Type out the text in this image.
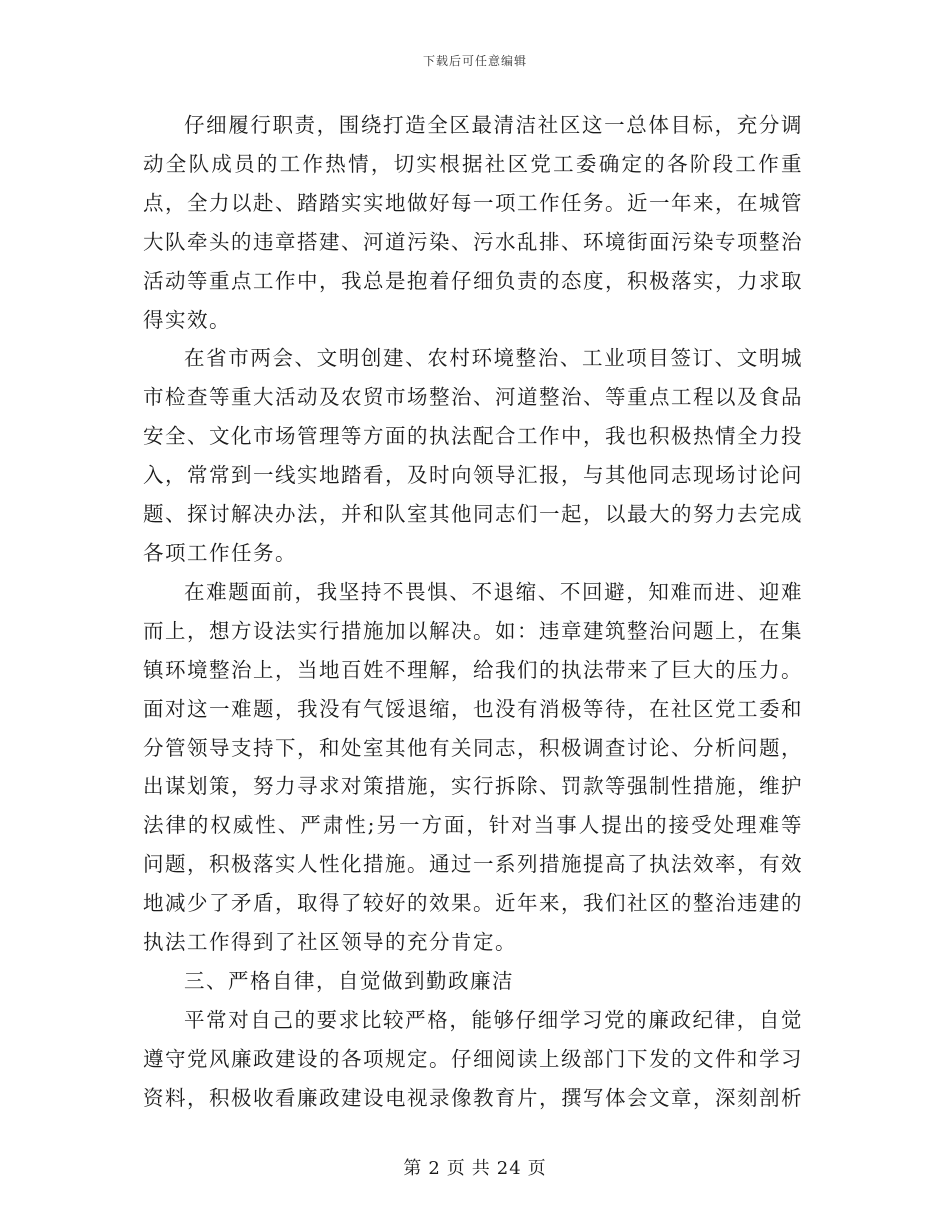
下载后可任意编辑

仔细履行职责，围绕打造全区最清洁社区这一总体目标，充分调动全队成员的工作热情，切实根据社区党工委确定的各阶段工作重点，全力以赴、踏踏实实地做好每一项工作任务。近一年来，在城管大队牵头的违章搭建、河道污染、污水乱排、环境街面污染专项整治活动等重点工作中，我总是抱着仔细负责的态度，积极落实，力求取得实效。

在省市两会、文明创建、农村环境整治、工业项目签订、文明城市检查等重大活动及农贸市场整治、河道整治、等重点工程以及食品安全、文化市场管理等方面的执法配合工作中，我也积极热情全力投入，常常到一线实地踏看，及时向领导汇报，与其他同志现场讨论问题、探讨解决办法，并和队室其他同志们一起，以最大的努力去完成各项工作任务。

在难题面前，我坚持不畏惧、不退缩、不回避，知难而进、迎难而上，想方设法实行措施加以解决。如：违章建筑整治问题上，在集镇环境整治上，当地百姓不理解，给我们的执法带来了巨大的压力。面对这一难题，我没有气馁退缩，也没有消极等待，在社区党工委和分管领导支持下，和处室其他有关同志，积极调查讨论、分析问题，出谋划策，努力寻求对策措施，实行拆除、罚款等强制性措施，维护法律的权威性、严肃性;另一方面，针对当事人提出的接受处理难等问题，积极落实人性化措施。通过一系列措施提高了执法效率，有效地减少了矛盾，取得了较好的效果。近年来，我们社区的整治违建的执法工作得到了社区领导的充分肯定。

三、严格自律，自觉做到勤政廉洁

平常对自己的要求比较严格，能够仔细学习党的廉政纪律，自觉遵守党风廉政建设的各项规定。仔细阅读上级部门下发的文件和学习资料，积极收看廉政建设电视录像教育片，撰写体会文章，深刻剖析

第 2 页 共 24 页
